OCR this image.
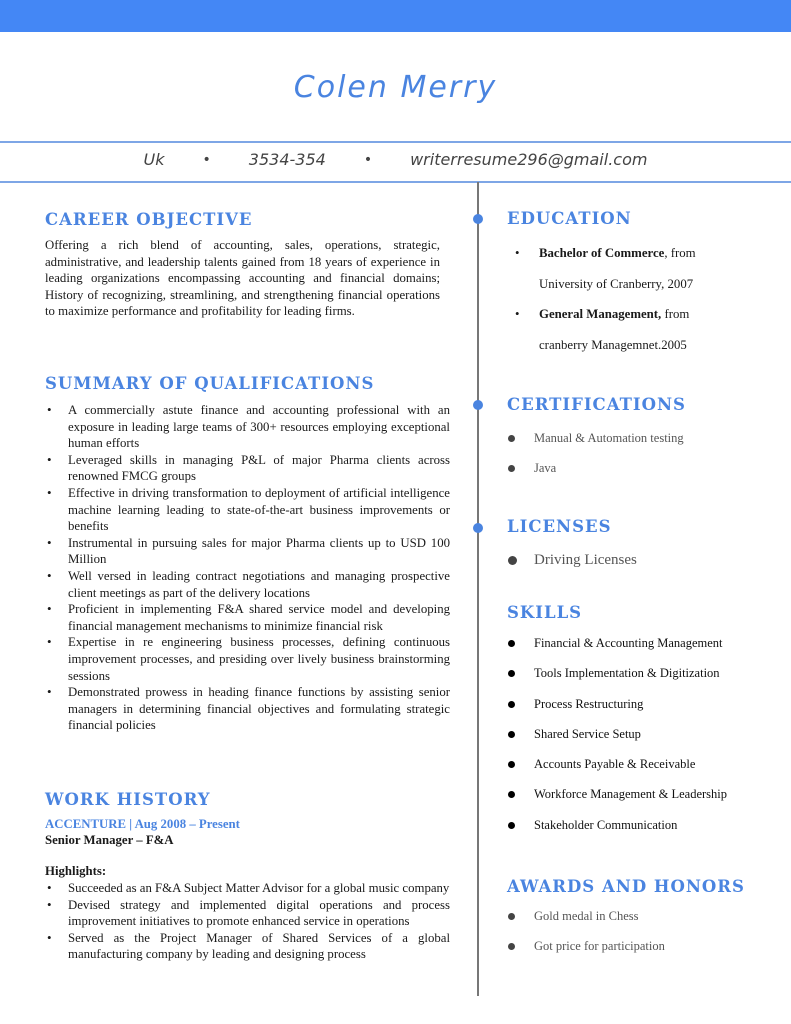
Colen Merry
Uk	• 3534-354	• writerresume296@gmail.com
CAREER OBJECTIVE

Offering a rich blend of accounting, sales, operations, strategic, administrative, and leadership talents gained from 18 years of experience in leading organizations encompassing accounting and financial domains; History of recognizing, streamlining, and strengthening financial operations to maximize performance and profitability for leading firms.

SUMMARY OF QUALIFICATIONS
• A commercially astute finance and accounting professional with an exposure in leading large teams of 300+ resources employing exceptional human efforts
• Leveraged skills in managing P&L of major Pharma clients across renowned FMCG groups
• Effective in driving transformation to deployment of artificial intelligence machine learning leading to state-of-the-art business improvements or benefits
• Instrumental in pursuing sales for major Pharma clients up to USD 100 Million
• Well versed in leading contract negotiations and managing prospective client meetings as part of the delivery locations
• Proficient in implementing F&A shared service model and developing financial management mechanisms to minimize financial risk
• Expertise in re engineering business processes, defining continuous improvement processes, and presiding over lively business brainstorming sessions
• Demonstrated prowess in heading finance functions by assisting senior managers in determining financial objectives and formulating strategic financial policies
WORK HISTORY
ACCENTURE | Aug 2008 – Present
Senior Manager – F&A
Highlights:
• Succeeded as an F&A Subject Matter Advisor for a global music company
• Devised strategy and implemented digital operations and process improvement initiatives to promote enhanced service in operations
• Served as the Project Manager of Shared Services of a global manufacturing company by leading and designing process
EDUCATION
• Bachelor of Commerce, from
University of Cranberry, 2007
• General Management, from
cranberry Managemnet.2005
CERTIFICATIONS
Manual & Automation testing
Java
LICENSES
Driving Licenses
SKILLS
Financial & Accounting Management
Tools Implementation & Digitization
Process Restructuring
Shared Service Setup
Accounts Payable & Receivable
Workforce Management & Leadership
Stakeholder Communication
AWARDS AND HONORS
Gold medal in Chess
Got price for participation
